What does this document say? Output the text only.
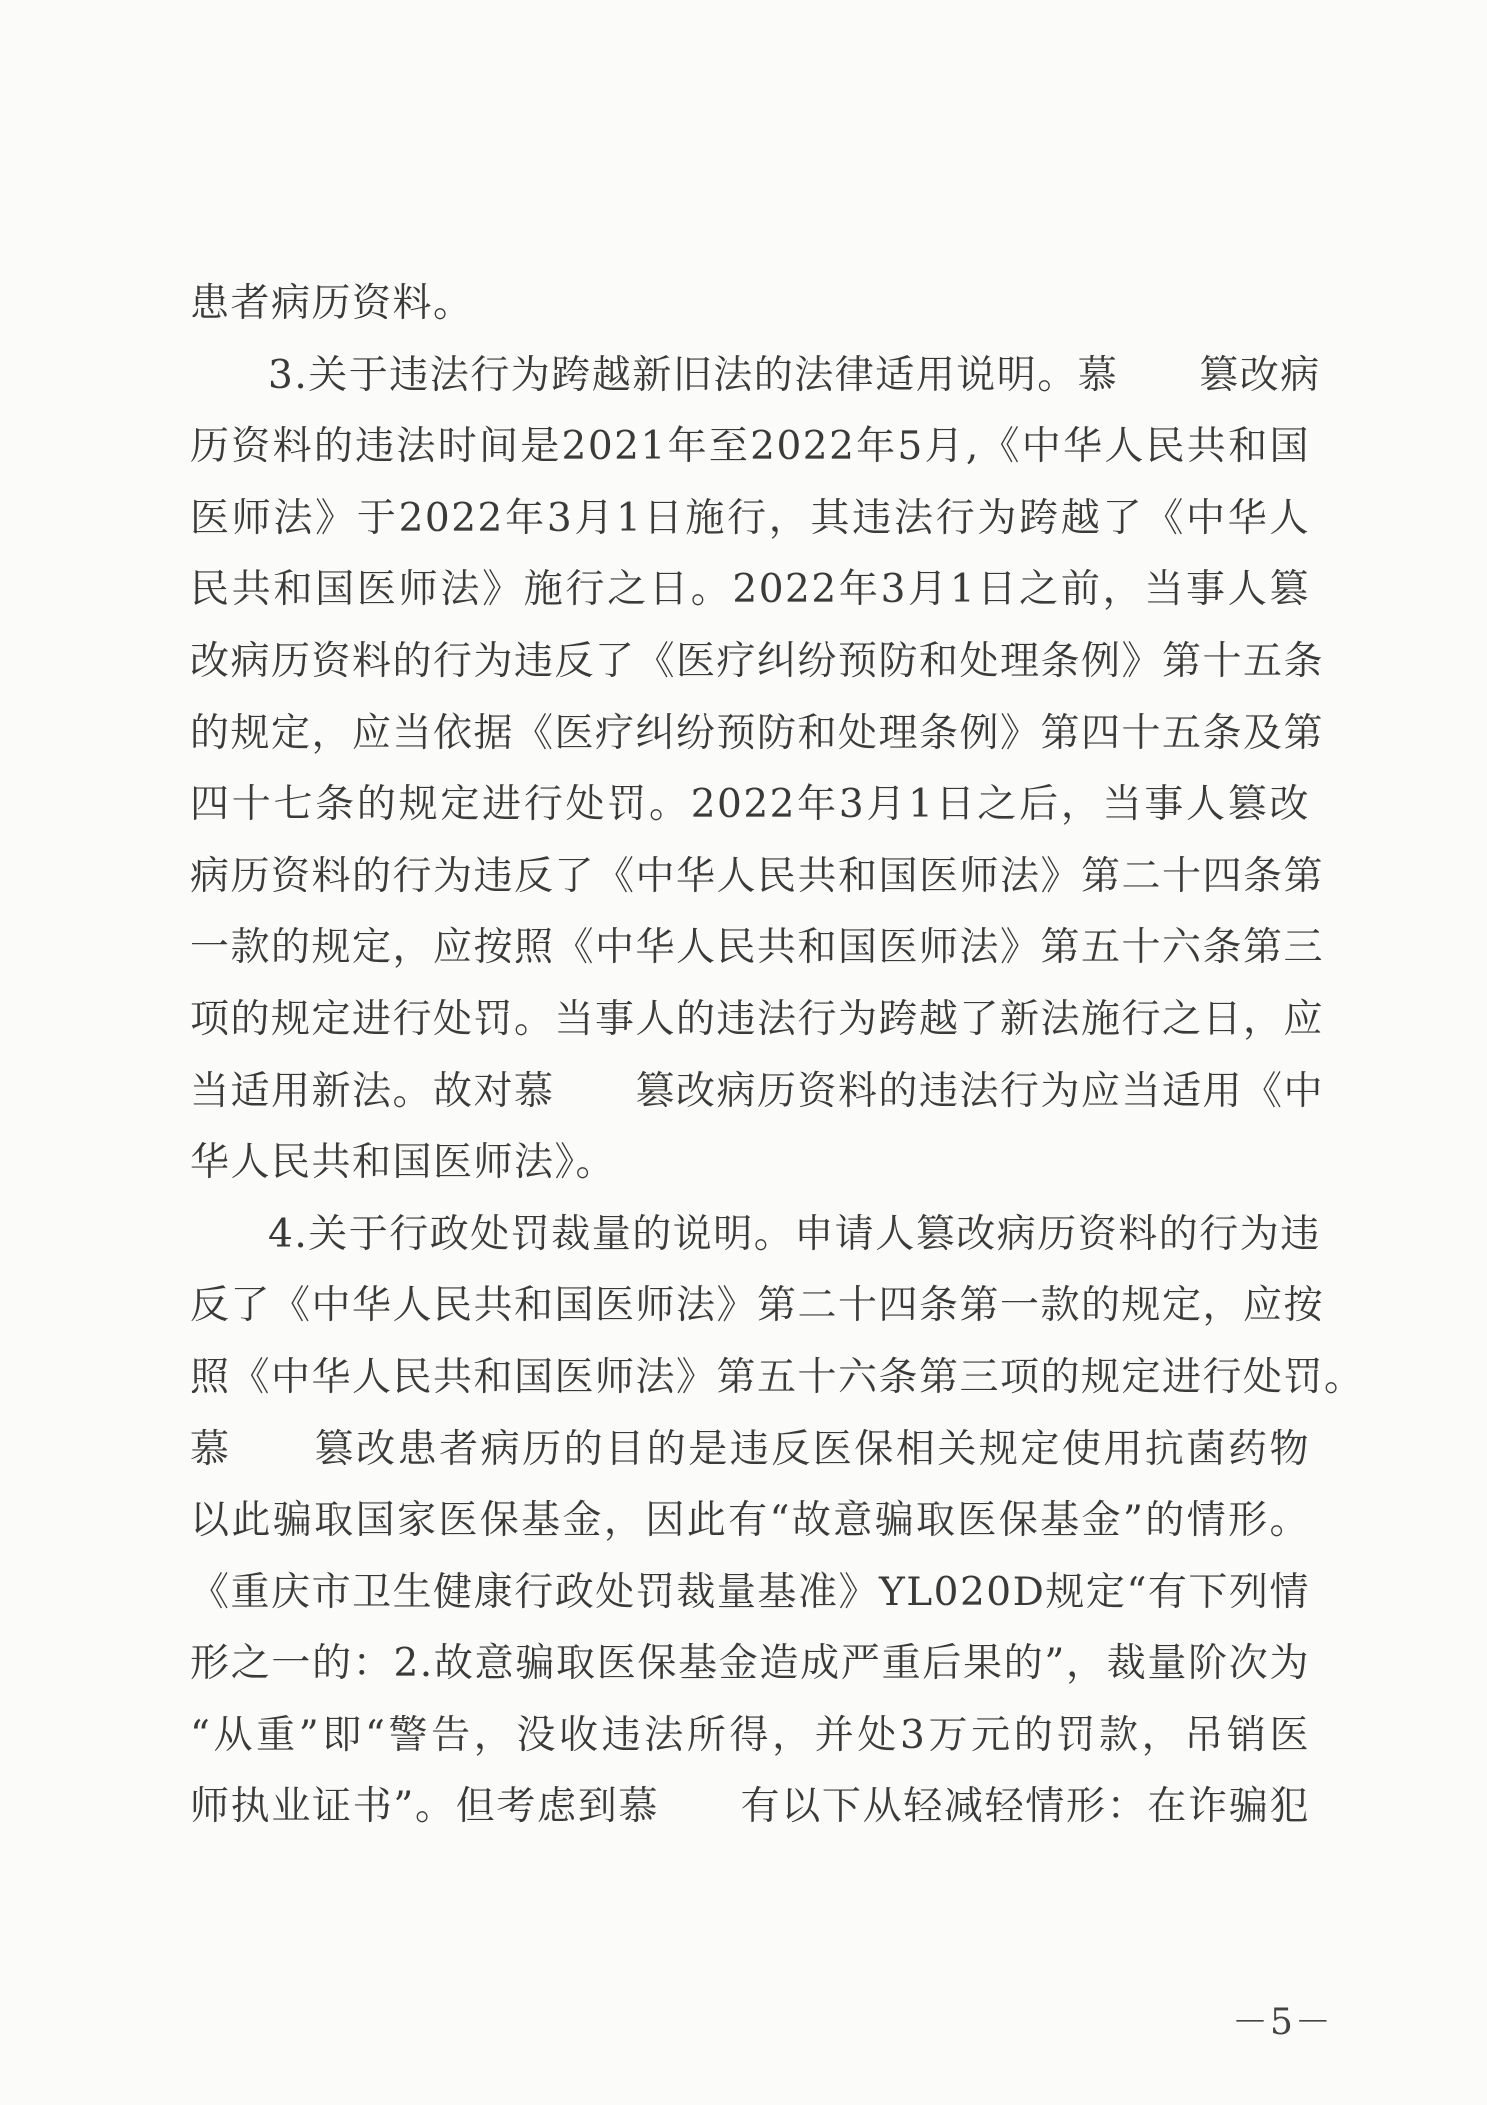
患者病历资料。
3.关于违法行为跨越新旧法的法律适用说明。慕　　篡改病
历资料的违法时间是2021年至2022年5月,《中华人民共和国
医师法》于2022年3月1日施行，其违法行为跨越了《中华人
民共和国医师法》施行之日。2022年3月1日之前，当事人篡
改病历资料的行为违反了《医疗纠纷预防和处理条例》第十五条
的规定，应当依据《医疗纠纷预防和处理条例》第四十五条及第
四十七条的规定进行处罚。2022年3月1日之后，当事人篡改
病历资料的行为违反了《中华人民共和国医师法》第二十四条第
一款的规定，应按照《中华人民共和国医师法》第五十六条第三
项的规定进行处罚。当事人的违法行为跨越了新法施行之日，应
当适用新法。故对慕　　篡改病历资料的违法行为应当适用《中
华人民共和国医师法》。
4.关于行政处罚裁量的说明。申请人篡改病历资料的行为违
反了《中华人民共和国医师法》第二十四条第一款的规定，应按
照《中华人民共和国医师法》第五十六条第三项的规定进行处罚。
慕　　篡改患者病历的目的是违反医保相关规定使用抗菌药物
以此骗取国家医保基金，因此有“故意骗取医保基金”的情形。
《重庆市卫生健康行政处罚裁量基准》YL020D规定“有下列情
形之一的：2.故意骗取医保基金造成严重后果的”，裁量阶次为
“从重”即“警告，没收违法所得，并处3万元的罚款，吊销医
师执业证书”。但考虑到慕　　有以下从轻减轻情形：在诈骗犯
－5－
